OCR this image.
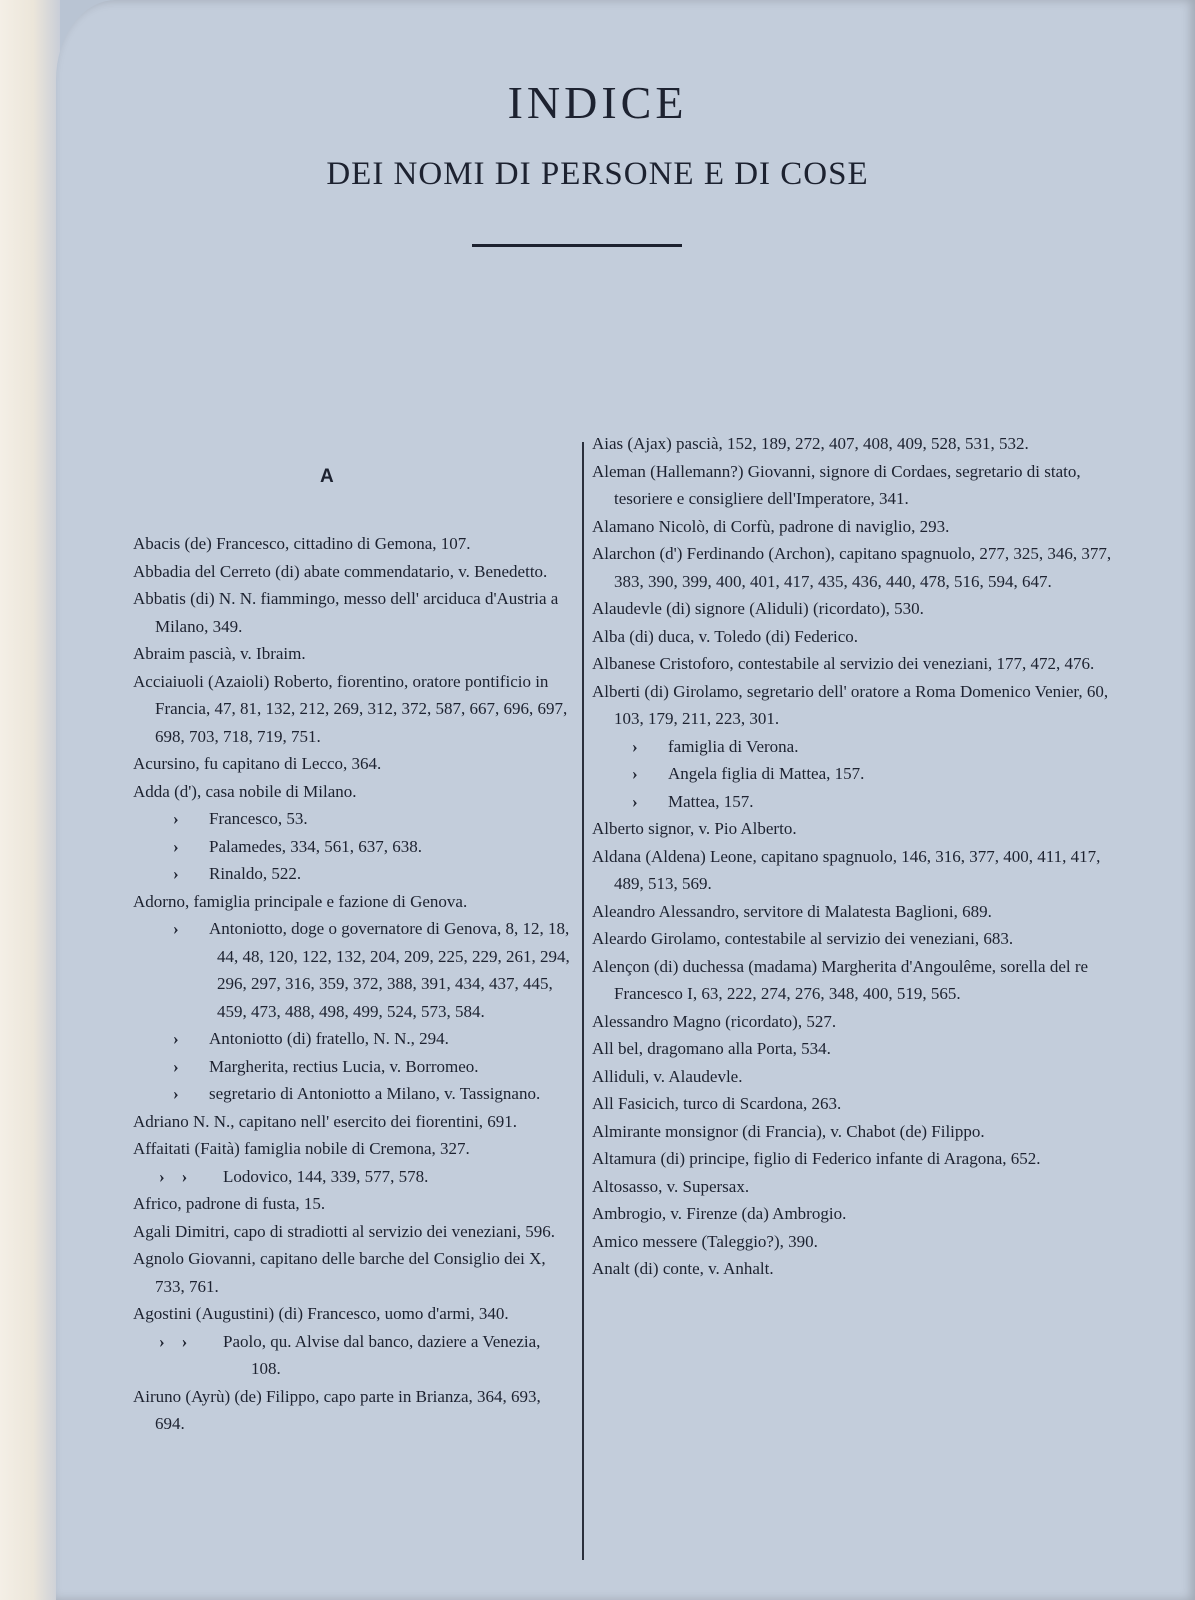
INDICE
DEI NOMI DI PERSONE E DI COSE
A

Abacis (de) Francesco, cittadino di Gemona, 107.

Abbadia del Cerreto (di) abate commendatario, v. Benedetto.

Abbatis (di) N. N. fiammingo, messo dell' arciduca d'Austria a Milano, 349.

Abraim pascià, v. Ibraim.

Acciaiuoli (Azaioli) Roberto, fiorentino, oratore pontificio in Francia, 47, 81, 132, 212, 269, 312, 372, 587, 667, 696, 697, 698, 703, 718, 719, 751.

Acursino, fu capitano di Lecco, 364.

Adda (d'), casa nobile di Milano.

› Francesco, 53.

› Palamedes, 334, 561, 637, 638.

› Rinaldo, 522.

Adorno, famiglia principale e fazione di Genova.

› Antoniotto, doge o governatore di Genova, 8, 12, 18, 44, 48, 120, 122, 132, 204, 209, 225, 229, 261, 294, 296, 297, 316, 359, 372, 388, 391, 434, 437, 445, 459, 473, 488, 498, 499, 524, 573, 584.

› Antoniotto (di) fratello, N. N., 294.

› Margherita, rectius Lucia, v. Borromeo.

› segretario di Antoniotto a Milano, v. Tassignano.

Adriano N. N., capitano nell' esercito dei fiorentini, 691.

Affaitati (Faità) famiglia nobile di Cremona, 327.

›  › Lodovico, 144, 339, 577, 578.

Africo, padrone di fusta, 15.

Agali Dimitri, capo di stradiotti al servizio dei veneziani, 596.

Agnolo Giovanni, capitano delle barche del Consiglio dei X, 733, 761.

Agostini (Augustini) (di) Francesco, uomo d'armi, 340.

›  › Paolo, qu. Alvise dal banco, daziere a Venezia, 108.

Airuno (Ayrù) (de) Filippo, capo parte in Brianza, 364, 693, 694.

Aias (Ajax) pascià, 152, 189, 272, 407, 408, 409, 528, 531, 532.

Aleman (Hallemann?) Giovanni, signore di Cordaes, segretario di stato, tesoriere e consigliere dell'Imperatore, 341.

Alamano Nicolò, di Corfù, padrone di naviglio, 293.

Alarchon (d') Ferdinando (Archon), capitano spagnuolo, 277, 325, 346, 377, 383, 390, 399, 400, 401, 417, 435, 436, 440, 478, 516, 594, 647.

Alaudevle (di) signore (Aliduli) (ricordato), 530.

Alba (di) duca, v. Toledo (di) Federico.

Albanese Cristoforo, contestabile al servizio dei veneziani, 177, 472, 476.

Alberti (di) Girolamo, segretario dell' oratore a Roma Domenico Venier, 60, 103, 179, 211, 223, 301.

› famiglia di Verona.

› Angela figlia di Mattea, 157.

› Mattea, 157.

Alberto signor, v. Pio Alberto.

Aldana (Aldena) Leone, capitano spagnuolo, 146, 316, 377, 400, 411, 417, 489, 513, 569.

Aleandro Alessandro, servitore di Malatesta Baglioni, 689.

Aleardo Girolamo, contestabile al servizio dei veneziani, 683.

Alençon (di) duchessa (madama) Margherita d'Angoulême, sorella del re Francesco I, 63, 222, 274, 276, 348, 400, 519, 565.

Alessandro Magno (ricordato), 527.

All bel, dragomano alla Porta, 534.

Alliduli, v. Alaudevle.

All Fasicich, turco di Scardona, 263.

Almirante monsignor (di Francia), v. Chabot (de) Filippo.

Altamura (di) principe, figlio di Federico infante di Aragona, 652.

Altosasso, v. Supersax.

Ambrogio, v. Firenze (da) Ambrogio.

Amico messere (Taleggio?), 390.

Analt (di) conte, v. Anhalt.
